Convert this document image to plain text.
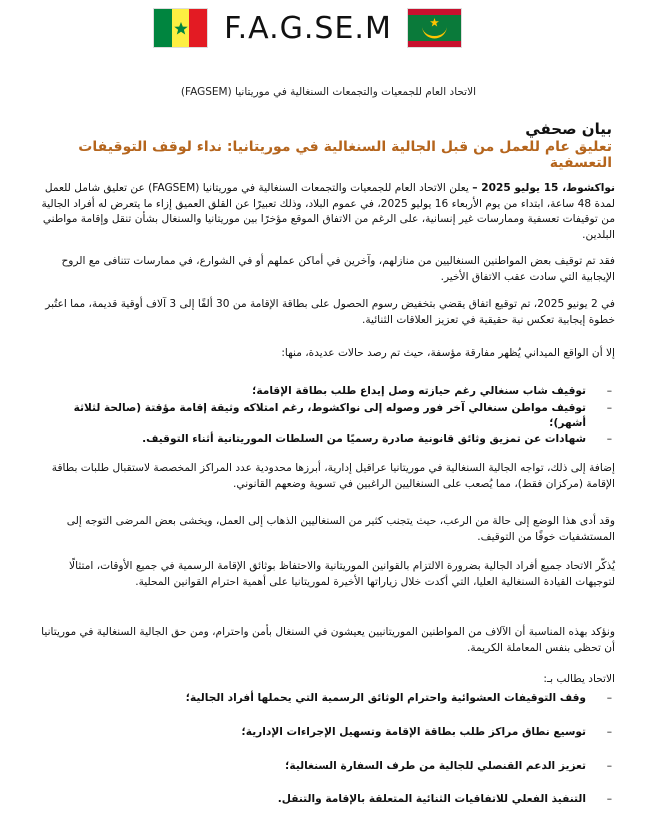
F.A.G.SE.M
الاتحاد العام للجمعيات والتجمعات السنغالية في موريتانيا (FAGSEM)
بيان صحفي
تعليق عام للعمل من قبل الجالية السنغالية في موريتانيا: نداء لوقف التوقيفات التعسفية
نواكشوط، 15 يوليو 2025 – يعلن الاتحاد العام للجمعيات والتجمعات السنغالية في موريتانيا (FAGSEM) عن تعليق شامل للعمل لمدة 48 ساعة، ابتداء من يوم الأربعاء 16 يوليو 2025، في عموم البلاد، وذلك تعبيرًا عن القلق العميق إزاء ما يتعرض له أفراد الجالية من توقيفات تعسفية وممارسات غير إنسانية، على الرغم من الاتفاق الموقع مؤخرًا بين موريتانيا والسنغال بشأن تنقل وإقامة مواطني البلدين.
فقد تم توقيف بعض المواطنين السنغاليين من منازلهم، وآخرين في أماكن عملهم أو في الشوارع، في ممارسات تتنافى مع الروح الإيجابية التي سادت عقب الاتفاق الأخير.
في 2 يونيو 2025، تم توقيع اتفاق يقضي بتخفيض رسوم الحصول على بطاقة الإقامة من 30 ألفًا إلى 3 آلاف أوقية قديمة، مما اعتُبر خطوة إيجابية تعكس نية حقيقية في تعزيز العلاقات الثنائية.
إلا أن الواقع الميداني يُظهر مفارقة مؤسفة، حيث تم رصد حالات عديدة، منها:
–
توقيف شاب سنغالي رغم حيازته وصل إيداع طلب بطاقة الإقامة؛
–
توقيف مواطن سنغالي آخر فور وصوله إلى نواكشوط، رغم امتلاكه وثيقة إقامة مؤقتة (صالحة لثلاثة أشهر)؛
–
شهادات عن تمزيق وثائق قانونية صادرة رسميًا من السلطات الموريتانية أثناء التوقيف.
إضافة إلى ذلك، تواجه الجالية السنغالية في موريتانيا عراقيل إدارية، أبرزها محدودية عدد المراكز المخصصة لاستقبال طلبات بطاقة الإقامة (مركزان فقط)، مما يُصعب على السنغاليين الراغبين في تسوية وضعهم القانوني.
وقد أدى هذا الوضع إلى حالة من الرعب، حيث يتجنب كثير من السنغاليين الذهاب إلى العمل، ويخشى بعض المرضى التوجه إلى المستشفيات خوفًا من التوقيف.
يُذكّر الاتحاد جميع أفراد الجالية بضرورة الالتزام بالقوانين الموريتانية والاحتفاظ بوثائق الإقامة الرسمية في جميع الأوقات، امتثالًا لتوجيهات القيادة السنغالية العليا، التي أكدت خلال زياراتها الأخيرة لموريتانيا على أهمية احترام القوانين المحلية.
ونؤكد بهذه المناسبة أن الآلاف من المواطنين الموريتانيين يعيشون في السنغال بأمن واحترام، ومن حق الجالية السنغالية في موريتانيا أن تحظى بنفس المعاملة الكريمة.
الاتحاد يطالب بـ:
–
وقف التوقيفات العشوائية واحترام الوثائق الرسمية التي يحملها أفراد الجالية؛
–
توسيع نطاق مراكز طلب بطاقة الإقامة وتسهيل الإجراءات الإدارية؛
–
تعزيز الدعم القنصلي للجالية من طرف السفارة السنغالية؛
–
التنفيذ الفعلي للاتفاقيات الثنائية المتعلقة بالإقامة والتنقل.
